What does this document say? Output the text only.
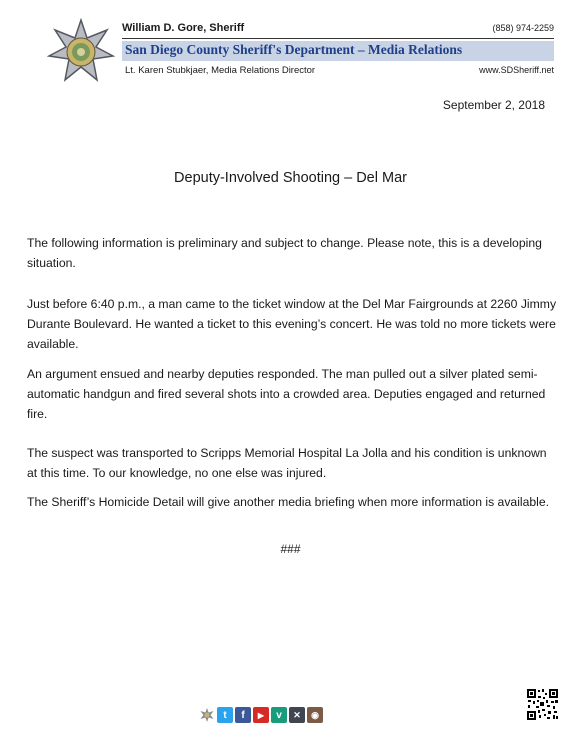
William D. Gore, Sheriff	(858) 974-2259
San Diego County Sheriff's Department – Media Relations
Lt. Karen Stubkjaer, Media Relations Director	www.SDSheriff.net
September 2, 2018
Deputy-Involved Shooting – Del Mar

The following information is preliminary and subject to change. Please note, this is a developing situation.

Just before 6:40 p.m., a man came to the ticket window at the Del Mar Fairgrounds at 2260 Jimmy Durante Boulevard. He wanted a ticket to this evening’s concert. He was told no more tickets were available.

An argument ensued and nearby deputies responded. The man pulled out a silver plated semi-automatic handgun and fired several shots into a crowded area. Deputies engaged and returned fire.

The suspect was transported to Scripps Memorial Hospital La Jolla and his condition is unknown at this time. To our knowledge, no one else was injured.

The Sheriff’s Homicide Detail will give another media briefing when more information is available.

###
t	f	▶	v	✕	◉
